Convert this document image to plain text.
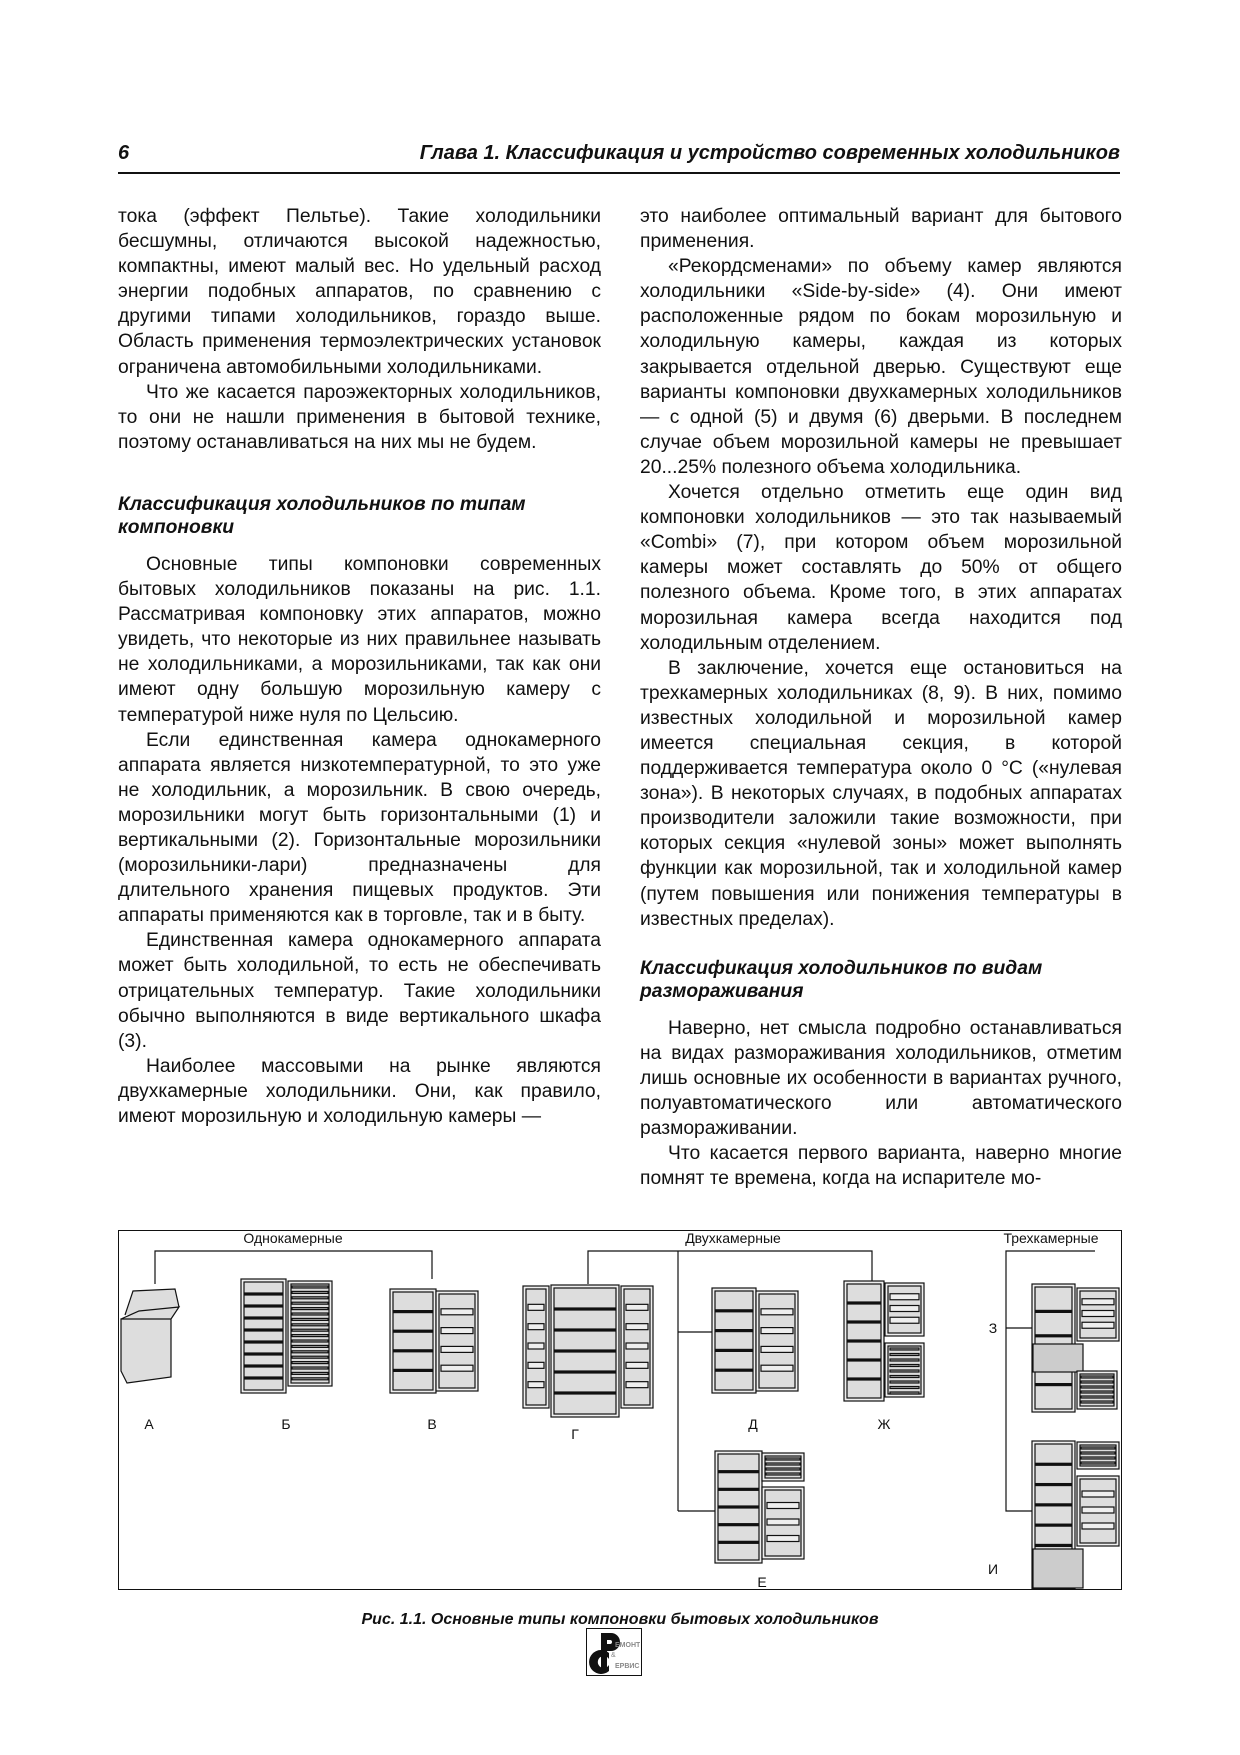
6	Глава 1. Классификация и устройство современных холодильников

тока (эффект Пельтье). Такие холодильники бесшумны, отличаются высокой надежностью, компактны, имеют малый вес. Но удельный расход энергии подобных аппаратов, по сравнению с другими типами холодильников, гораздо выше. Область применения термоэлектрических установок ограничена автомобильными холодильниками.

Что же касается пароэжекторных холодильников, то они не нашли применения в бытовой технике, поэтому останавливаться на них мы не будем.

Классификация холодильников по типам компоновки

Основные типы компоновки современных бытовых холодильников показаны на рис. 1.1. Рассматривая компоновку этих аппаратов, можно увидеть, что некоторые из них правильнее называть не холодильниками, а морозильниками, так как они имеют одну большую морозильную камеру с температурой ниже нуля по Цельсию.

Если единственная камера однокамерного аппарата является низкотемпературной, то это уже не холодильник, а морозильник. В свою очередь, морозильники могут быть горизонтальными (1) и вертикальными (2). Горизонтальные морозильники (морозильники-лари) предназначены для длительного хранения пищевых продуктов. Эти аппараты применяются как в торговле, так и в быту.

Единственная камера однокамерного аппарата может быть холодильной, то есть не обеспечивать отрицательных температур. Такие холодильники обычно выполняются в виде вертикального шкафа (3).

Наиболее массовыми на рынке являются двухкамерные холодильники. Они, как правило, имеют морозильную и холодильную камеры —

это наиболее оптимальный вариант для бытового применения.

«Рекордсменами» по объему камер являются холодильники «Side-by-side» (4). Они имеют расположенные рядом по бокам морозильную и холодильную камеры, каждая из которых закрывается отдельной дверью. Существуют еще варианты компоновки двухкамерных холодильников — с одной (5) и двумя (6) дверьми. В последнем случае объем морозильной камеры не превышает 20...25% полезного объема холодильника.

Хочется отдельно отметить еще один вид компоновки холодильников — это так называемый «Combi» (7), при котором объем морозильной камеры может составлять до 50% от общего полезного объема. Кроме того, в этих аппаратах морозильная камера всегда находится под холодильным отделением.

В заключение, хочется еще остановиться на трехкамерных холодильниках (8, 9). В них, помимо известных холодильной и морозильной камер имеется специальная секция, в которой поддерживается температура около 0 °С («нулевая зона»). В некоторых случаях, в подобных аппаратах производители заложили такие возможности, при которых секция «нулевой зоны» может выполнять функции как морозильной, так и холодильной камер (путем повышения или понижения температуры в известных пределах).

Классификация холодильников по видам размораживания

Наверно, нет смысла подробно останавливаться на видах размораживания холодильников, отметим лишь основные их особенности в вариантах ручного, полуавтоматического или автоматического размораживании.

Что касается первого варианта, наверно многие помнят те времена, когда на испарителе мо-

Однокамерные	Двухкамерные	Трехкамерные
А	Б	В
Г
Д	Ж
Е
З
И
Рис. 1.1. Основные типы компоновки бытовых холодильников
ЕМОНТ
&
ЕРВИС
